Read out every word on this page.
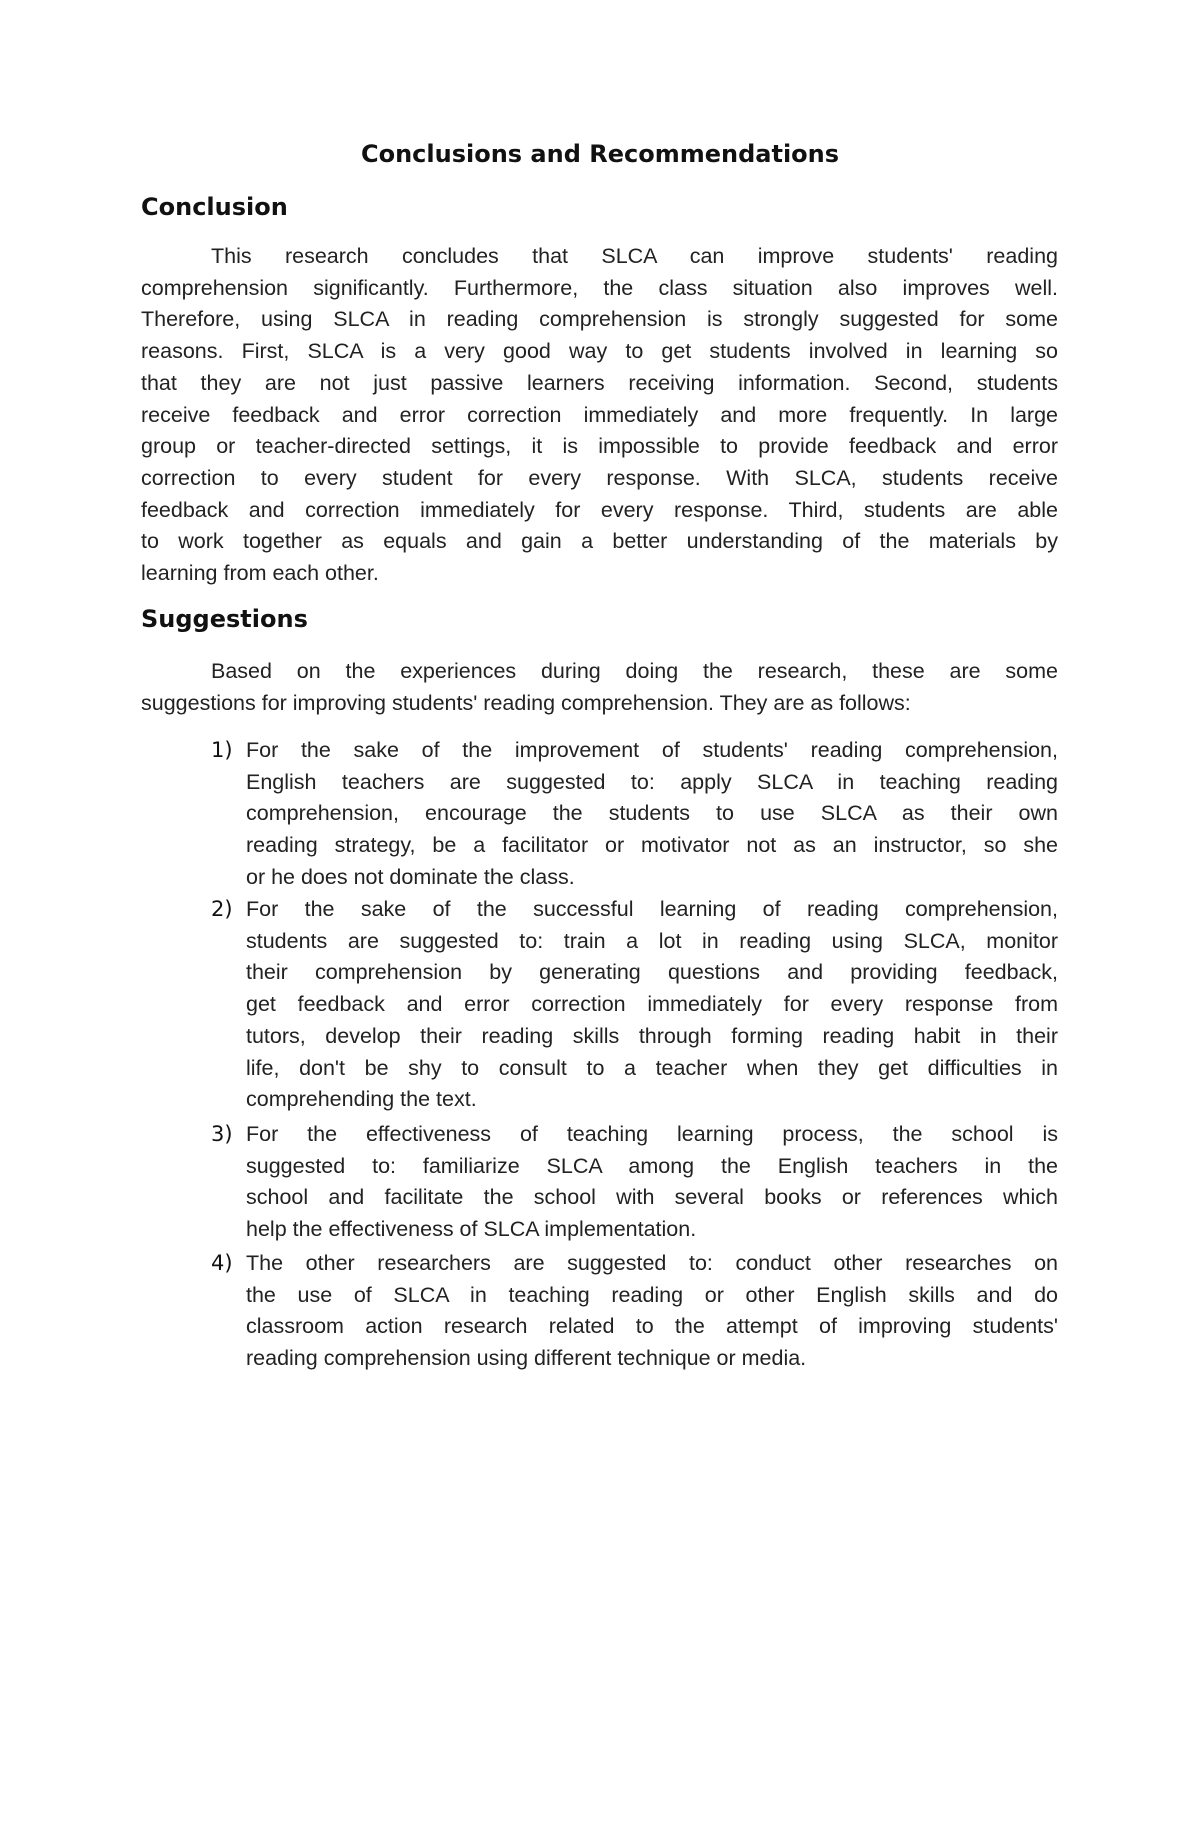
Conclusions and Recommendations
Conclusion
This research concludes that SLCA can improve students' reading
comprehension significantly. Furthermore, the class situation also improves well.
Therefore, using SLCA in reading comprehension is strongly suggested for some
reasons. First, SLCA is a very good way to get students involved in learning so
that they are not just passive learners receiving information. Second, students
receive feedback and error correction immediately and more frequently. In large
group or teacher-directed settings, it is impossible to provide feedback and error
correction to every student for every response. With SLCA, students receive
feedback and correction immediately for every response. Third, students are able
to work together as equals and gain a better understanding of the materials by
learning from each other.
Suggestions
Based on the experiences during doing the research, these are some
suggestions for improving students' reading comprehension. They are as follows:
1) For the sake of the improvement of students' reading comprehension,
English teachers are suggested to: apply SLCA in teaching reading
comprehension, encourage the students to use SLCA as their own
reading strategy, be a facilitator or motivator not as an instructor, so she
or he does not dominate the class.
2) For the sake of the successful learning of reading comprehension,
students are suggested to: train a lot in reading using SLCA, monitor
their comprehension by generating questions and providing feedback,
get feedback and error correction immediately for every response from
tutors, develop their reading skills through forming reading habit in their
life, don't be shy to consult to a teacher when they get difficulties in
comprehending the text.
3) For the effectiveness of teaching learning process, the school is
suggested to: familiarize SLCA among the English teachers in the
school and facilitate the school with several books or references which
help the effectiveness of SLCA implementation.
4) The other researchers are suggested to: conduct other researches on
the use of SLCA in teaching reading or other English skills and do
classroom action research related to the attempt of improving students'
reading comprehension using different technique or media.
